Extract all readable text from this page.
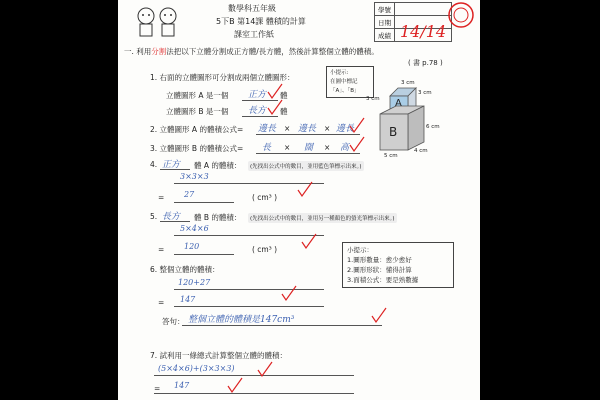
數學科五年級
5下B 第14課 體積的計算
課室工作紙
學號	
日期	
成績	14/14
一. 利用分割法把以下立體分割成正方體/長方體，然後計算整個立體的體積。
( 書 p.78 )
1. 右面的立體圖形可分割成兩個立體圖形：
立體圖形 A 是一個 正方 體
立體圖形 B 是一個 長方 體
2. 立體圖形 A 的體積公式= 邊長 × 邊長 × 邊長
3. 立體圖形 B 的體積公式= 長 × 闊 × 高
4. 正方 體 A 的體積：	(先找出公式中的數目，並用藍色筆標示出來。)
3×3×3
= 27	( cm³ )
5. 長方 體 B 的體積：	(先找出公式中的數目，並用另一種顏色的螢光筆標示出來。)
5×4×6
= 120	( cm³ )
6. 整個立體的體積：
120+27
= 147
答句： 整個立體的體積是147cm³
7. 試利用一條總式計算整個立體的體積：
(5×4×6)+(3×3×3)
= 147
小提示:
在圖中標記
「A」、「B」
A
B
3 cm
3 cm
3 cm
6 cm
5 cm
4 cm
小提示：
1.圖形數量：愈少愈好
2.圖形形狀：懂得計算
3.面積公式：要是熟數據
